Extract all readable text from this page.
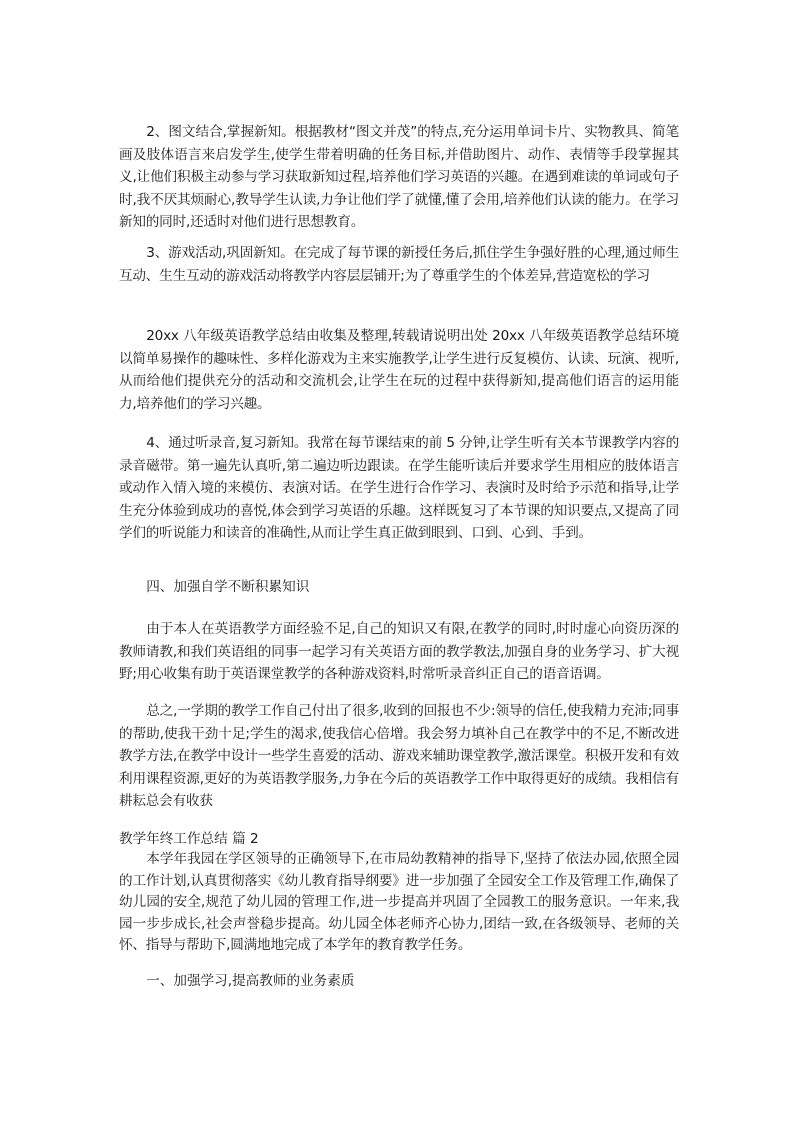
2、图文结合,掌握新知。根据教材“图文并茂”的特点,充分运用单词卡片、实物教具、简笔画及肢体语言来启发学生,使学生带着明确的任务目标,并借助图片、动作、表情等手段掌握其义,让他们积极主动参与学习获取新知过程,培养他们学习英语的兴趣。在遇到难读的单词或句子时,我不厌其烦耐心,教导学生认读,力争让他们学了就懂,懂了会用,培养他们认读的能力。在学习新知的同时,还适时对他们进行思想教育。

3、游戏活动,巩固新知。在完成了每节课的新授任务后,抓住学生争强好胜的心理,通过师生互动、生生互动的游戏活动将教学内容层层铺开;为了尊重学生的个体差异,营造宽松的学习

20xx 八年级英语教学总结由收集及整理,转载请说明出处 20xx 八年级英语教学总结环境以简单易操作的趣味性、多样化游戏为主来实施教学,让学生进行反复模仿、认读、玩演、视听,从而给他们提供充分的活动和交流机会,让学生在玩的过程中获得新知,提高他们语言的运用能力,培养他们的学习兴趣。

4、通过听录音,复习新知。我常在每节课结束的前 5 分钟,让学生听有关本节课教学内容的录音磁带。第一遍先认真听,第二遍边听边跟读。在学生能听读后并要求学生用相应的肢体语言或动作入情入境的来模仿、表演对话。在学生进行合作学习、表演时及时给予示范和指导,让学生充分体验到成功的喜悦,体会到学习英语的乐趣。这样既复习了本节课的知识要点,又提高了同学们的听说能力和读音的准确性,从而让学生真正做到眼到、口到、心到、手到。

四、加强自学不断积累知识

由于本人在英语教学方面经验不足,自己的知识又有限,在教学的同时,时时虚心向资历深的教师请教,和我们英语组的同事一起学习有关英语方面的教学教法,加强自身的业务学习、扩大视野;用心收集有助于英语课堂教学的各种游戏资料,时常听录音纠正自己的语音语调。

总之,一学期的教学工作自己付出了很多,收到的回报也不少:领导的信任,使我精力充沛;同事的帮助,使我干劲十足;学生的渴求,使我信心倍增。我会努力填补自己在教学中的不足,不断改进教学方法,在教学中设计一些学生喜爱的活动、游戏来辅助课堂教学,激活课堂。积极开发和有效利用课程资源,更好的为英语教学服务,力争在今后的英语教学工作中取得更好的成绩。我相信有耕耘总会有收获

教学年终工作总结 篇 2

本学年我园在学区领导的正确领导下,在市局幼教精神的指导下,坚持了依法办园,依照全园的工作计划,认真贯彻落实《幼儿教育指导纲要》进一步加强了全园安全工作及管理工作,确保了幼儿园的安全,规范了幼儿园的管理工作,进一步提高并巩固了全园教工的服务意识。一年来,我园一步步成长,社会声誉稳步提高。幼儿园全体老师齐心协力,团结一致,在各级领导、老师的关怀、指导与帮助下,圆满地地完成了本学年的教育教学任务。

一、加强学习,提高教师的业务素质
